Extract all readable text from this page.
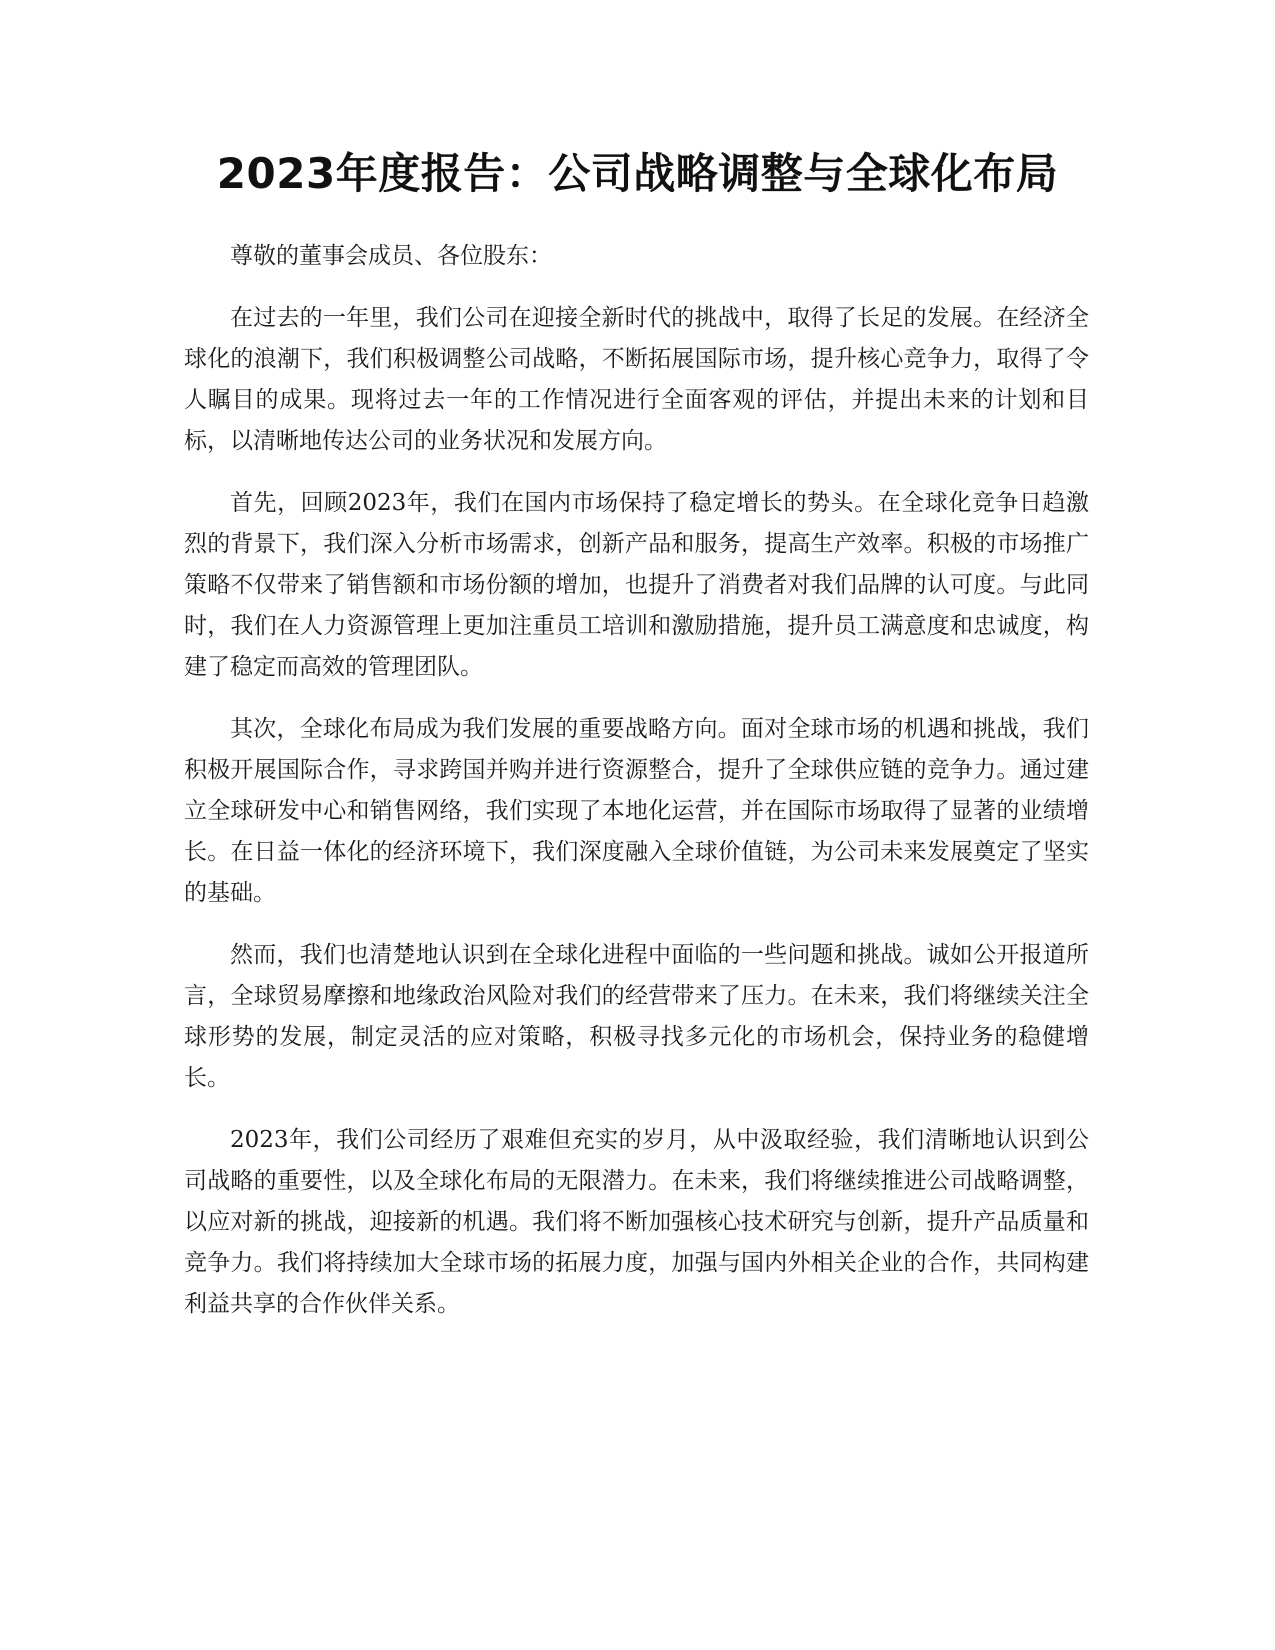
2023年度报告：公司战略调整与全球化布局

尊敬的董事会成员、各位股东：

在过去的一年里，我们公司在迎接全新时代的挑战中，取得了长足的发展。在经济全球化的浪潮下，我们积极调整公司战略，不断拓展国际市场，提升核心竞争力，取得了令人瞩目的成果。现将过去一年的工作情况进行全面客观的评估，并提出未来的计划和目标，以清晰地传达公司的业务状况和发展方向。

首先，回顾2023年，我们在国内市场保持了稳定增长的势头。在全球化竞争日趋激烈的背景下，我们深入分析市场需求，创新产品和服务，提高生产效率。积极的市场推广策略不仅带来了销售额和市场份额的增加，也提升了消费者对我们品牌的认可度。与此同时，我们在人力资源管理上更加注重员工培训和激励措施，提升员工满意度和忠诚度，构建了稳定而高效的管理团队。

其次，全球化布局成为我们发展的重要战略方向。面对全球市场的机遇和挑战，我们积极开展国际合作，寻求跨国并购并进行资源整合，提升了全球供应链的竞争力。通过建立全球研发中心和销售网络，我们实现了本地化运营，并在国际市场取得了显著的业绩增长。在日益一体化的经济环境下，我们深度融入全球价值链，为公司未来发展奠定了坚实的基础。

然而，我们也清楚地认识到在全球化进程中面临的一些问题和挑战。诚如公开报道所言，全球贸易摩擦和地缘政治风险对我们的经营带来了压力。在未来，我们将继续关注全球形势的发展，制定灵活的应对策略，积极寻找多元化的市场机会，保持业务的稳健增长。

2023年，我们公司经历了艰难但充实的岁月，从中汲取经验，我们清晰地认识到公司战略的重要性，以及全球化布局的无限潜力。在未来，我们将继续推进公司战略调整，以应对新的挑战，迎接新的机遇。我们将不断加强核心技术研究与创新，提升产品质量和竞争力。我们将持续加大全球市场的拓展力度，加强与国内外相关企业的合作，共同构建利益共享的合作伙伴关系。
